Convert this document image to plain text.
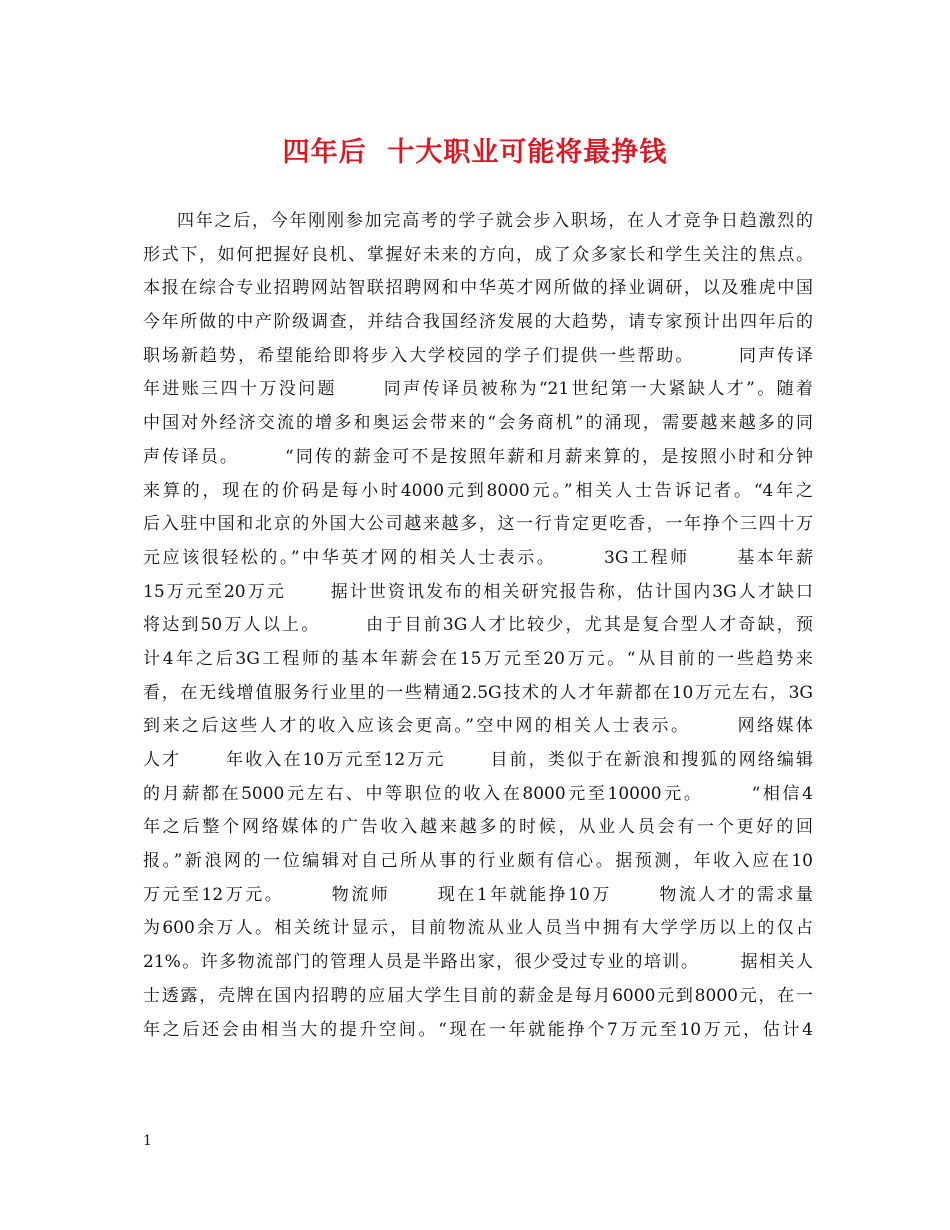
四年后  十大职业可能将最挣钱
四年之后，今年刚刚参加完高考的学子就会步入职场，在人才竞争日趋激烈的
形式下，如何把握好良机、掌握好未来的方向，成了众多家长和学生关注的焦点。
本报在综合专业招聘网站智联招聘网和中华英才网所做的择业调研，以及雅虎中国
今年所做的中产阶级调查，并结合我国经济发展的大趋势，请专家预计出四年后的
职场新趋势，希望能给即将步入大学校园的学子们提供一些帮助。      同声传译
年进账三四十万没问题      同声传译员被称为“21世纪第一大紧缺人才”。随着
中国对外经济交流的增多和奥运会带来的“会务商机”的涌现，需要越来越多的同
声传译员。      “同传的薪金可不是按照年薪和月薪来算的，是按照小时和分钟
来算的，现在的价码是每小时4000元到8000元。”相关人士告诉记者。“4年之
后入驻中国和北京的外国大公司越来越多，这一行肯定更吃香，一年挣个三四十万
元应该很轻松的。”中华英才网的相关人士表示。      3G工程师      基本年薪
15万元至20万元      据计世资讯发布的相关研究报告称，估计国内3G人才缺口
将达到50万人以上。      由于目前3G人才比较少，尤其是复合型人才奇缺，预
计4年之后3G工程师的基本年薪会在15万元至20万元。“从目前的一些趋势来
看，在无线增值服务行业里的一些精通2.5G技术的人才年薪都在10万元左右，3G
到来之后这些人才的收入应该会更高。”空中网的相关人士表示。      网络媒体
人才      年收入在10万元至12万元      目前，类似于在新浪和搜狐的网络编辑
的月薪都在5000元左右、中等职位的收入在8000元至10000元。      “相信4
年之后整个网络媒体的广告收入越来越多的时候，从业人员会有一个更好的回
报。”新浪网的一位编辑对自己所从事的行业颇有信心。据预测，年收入应在10
万元至12万元。      物流师      现在1年就能挣10万      物流人才的需求量
为600余万人。相关统计显示，目前物流从业人员当中拥有大学学历以上的仅占
21%。许多物流部门的管理人员是半路出家，很少受过专业的培训。      据相关人
士透露，壳牌在国内招聘的应届大学生目前的薪金是每月6000元到8000元，在一
年之后还会由相当大的提升空间。“现在一年就能挣个7万元至10万元，估计4
1
